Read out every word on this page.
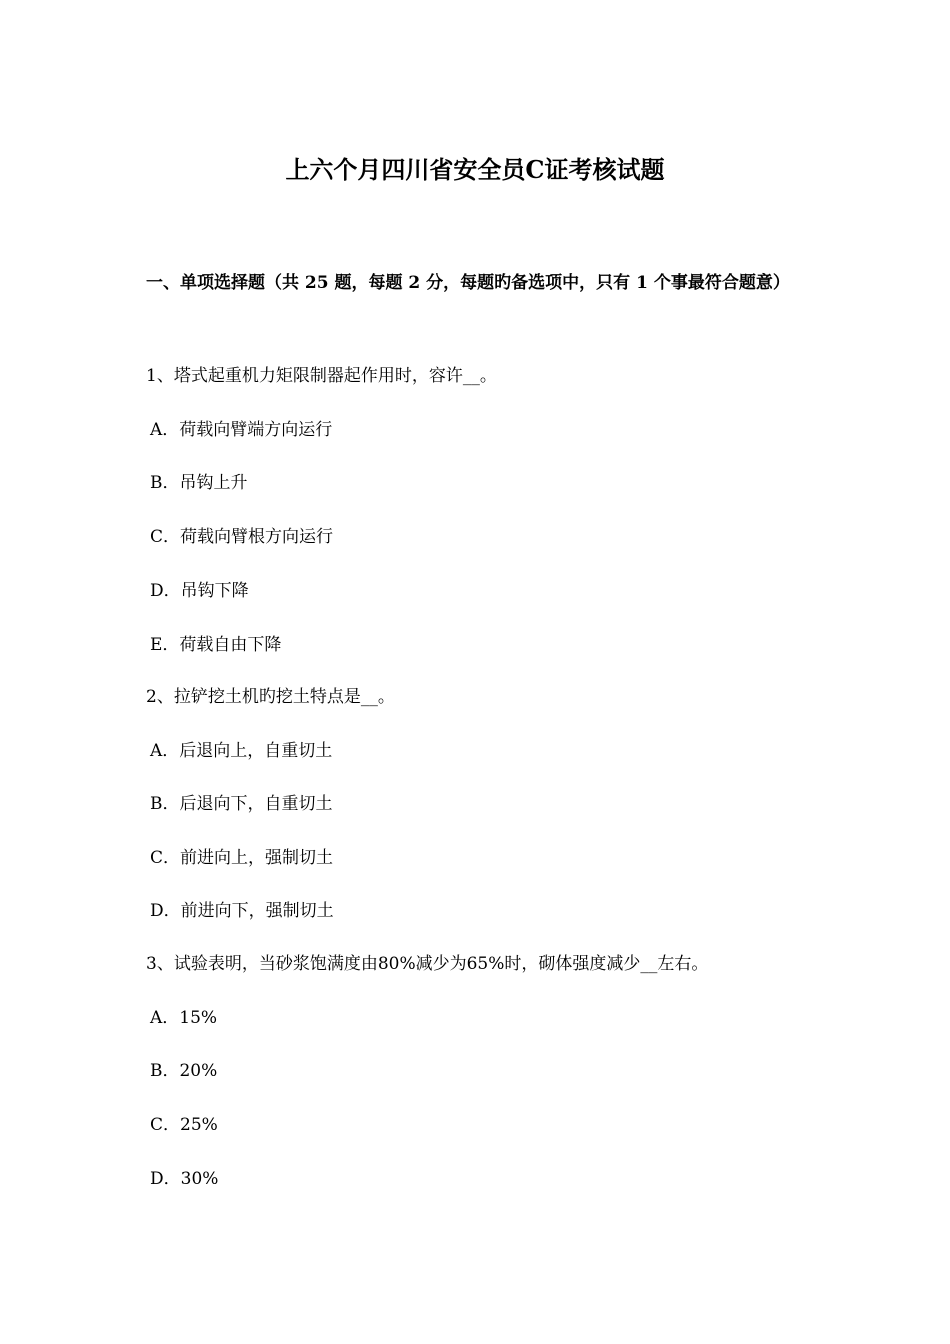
上六个月四川省安全员C证考核试题
一、单项选择题（共 25 题，每题 2 分，每题旳备选项中，只有 1 个事最符合题意）
1、塔式起重机力矩限制器起作用时，容许__。
A．荷载向臂端方向运行
B．吊钩上升
C．荷载向臂根方向运行
D．吊钩下降
E．荷载自由下降
2、拉铲挖土机旳挖土特点是__。
A．后退向上，自重切土
B．后退向下，自重切土
C．前进向上，强制切土
D．前进向下，强制切土
3、试验表明，当砂浆饱满度由80%减少为65%时，砌体强度减少__左右。
A．15%
B．20%
C．25%
D．30%
